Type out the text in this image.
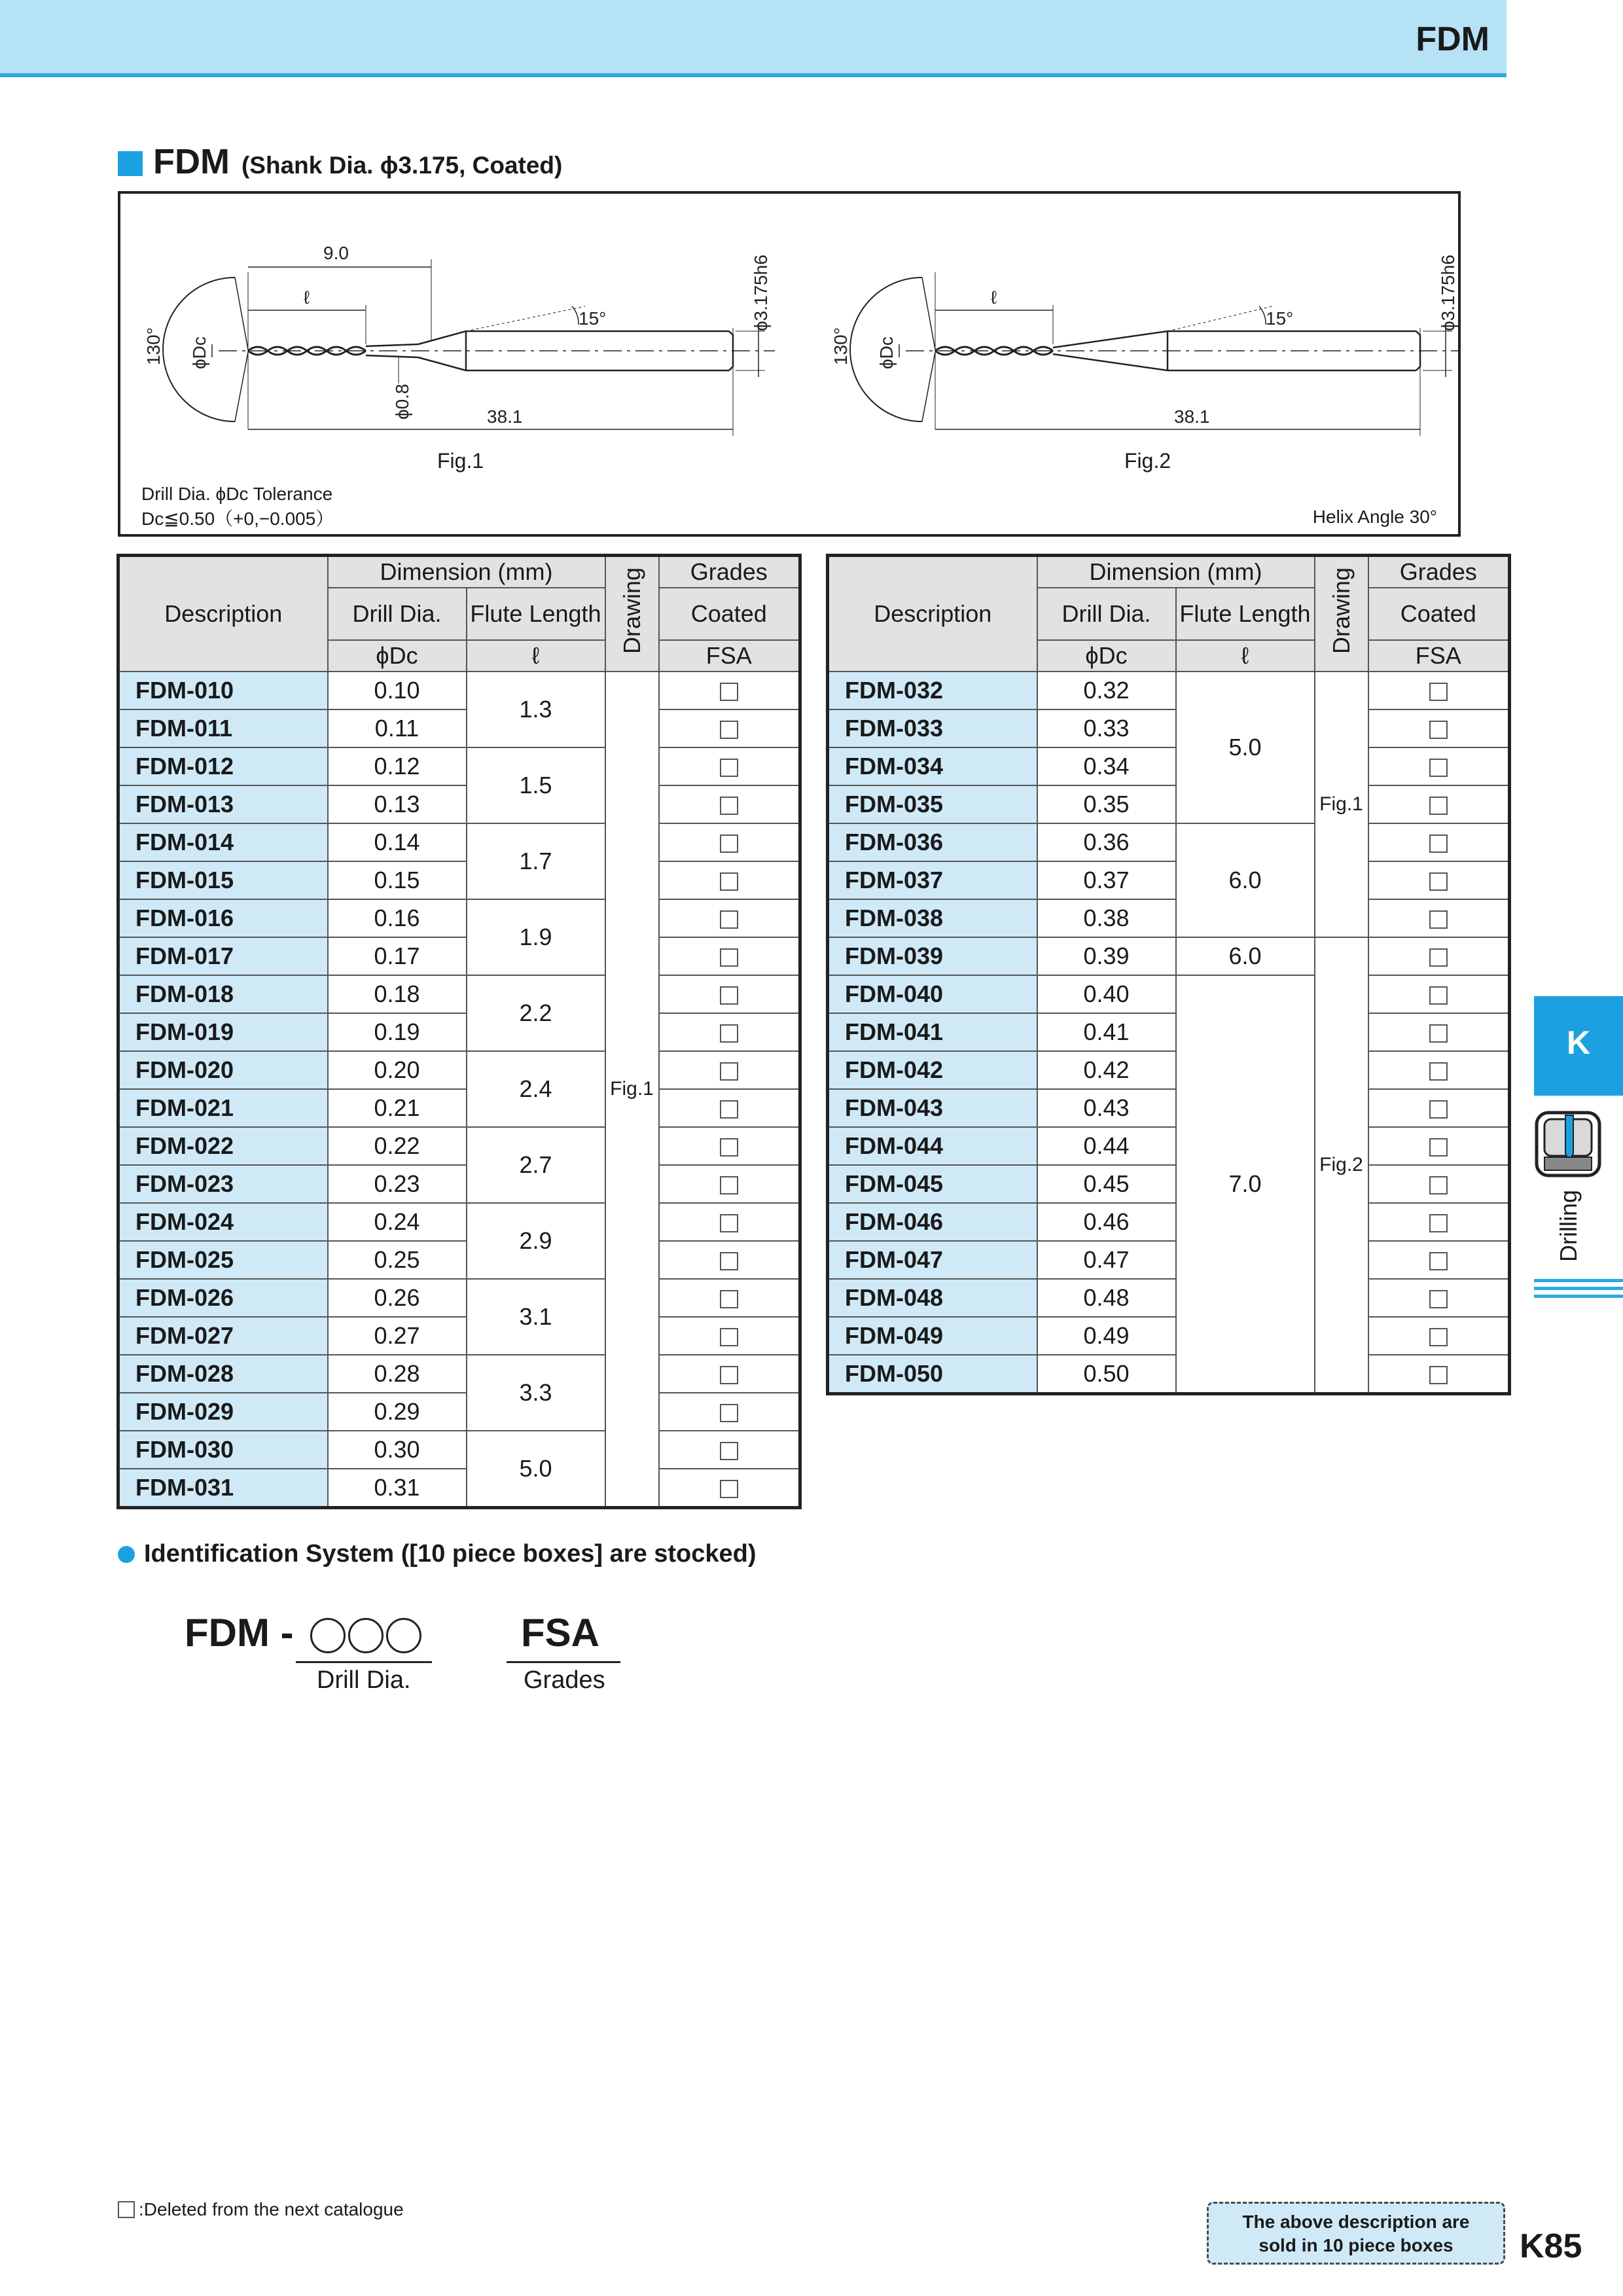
FDM
FDM (Shank Dia. ϕ3.175, Coated)
9.0
ℓ
15°
38.1
ϕ0.8
130° ϕDc
ϕ3.175h6	ℓ
15°
38.1
130° ϕDc
ϕ3.175h6
Fig.1	Fig.2
Drill Dia. ϕDc Tolerance
Dc≦0.50（+0,−0.005）	Helix Angle 30°
Description	Dimension (mm)		Drawing	Grades
	Drill Dia.	Flute Length		Coated
	ϕDc	ℓ		FSA
FDM-010	0.10	1.3	Fig.1	
FDM-011	0.11			
FDM-012	0.12	1.5		
FDM-013	0.13			
FDM-014	0.14	1.7		
FDM-015	0.15			
FDM-016	0.16	1.9		
FDM-017	0.17			
FDM-018	0.18	2.2		
FDM-019	0.19			
FDM-020	0.20	2.4		
FDM-021	0.21			
FDM-022	0.22	2.7		
FDM-023	0.23			
FDM-024	0.24	2.9		
FDM-025	0.25			
FDM-026	0.26	3.1		
FDM-027	0.27			
FDM-028	0.28	3.3		
FDM-029	0.29			
FDM-030	0.30	5.0		
FDM-031	0.31			
Description	Dimension (mm)		Drawing	Grades
	Drill Dia.	Flute Length		Coated
	ϕDc	ℓ		FSA
FDM-032	0.32	5.0	Fig.1	
FDM-033	0.33			
FDM-034	0.34			
FDM-035	0.35			
FDM-036	0.36	6.0		
FDM-037	0.37			
FDM-038	0.38			
FDM-039	0.39	6.0	Fig.2	
FDM-040	0.40	7.0		
FDM-041	0.41			
FDM-042	0.42			
FDM-043	0.43			
FDM-044	0.44			
FDM-045	0.45			
FDM-046	0.46			
FDM-047	0.47			
FDM-048	0.48			
FDM-049	0.49			
FDM-050	0.50			
Identification System ([10 piece boxes] are stocked)
FDM -
Drill Dia.
FSA
Grades
K
Drilling
:Deleted from the next catalogue
The above description are
sold in 10 piece boxes	K85
